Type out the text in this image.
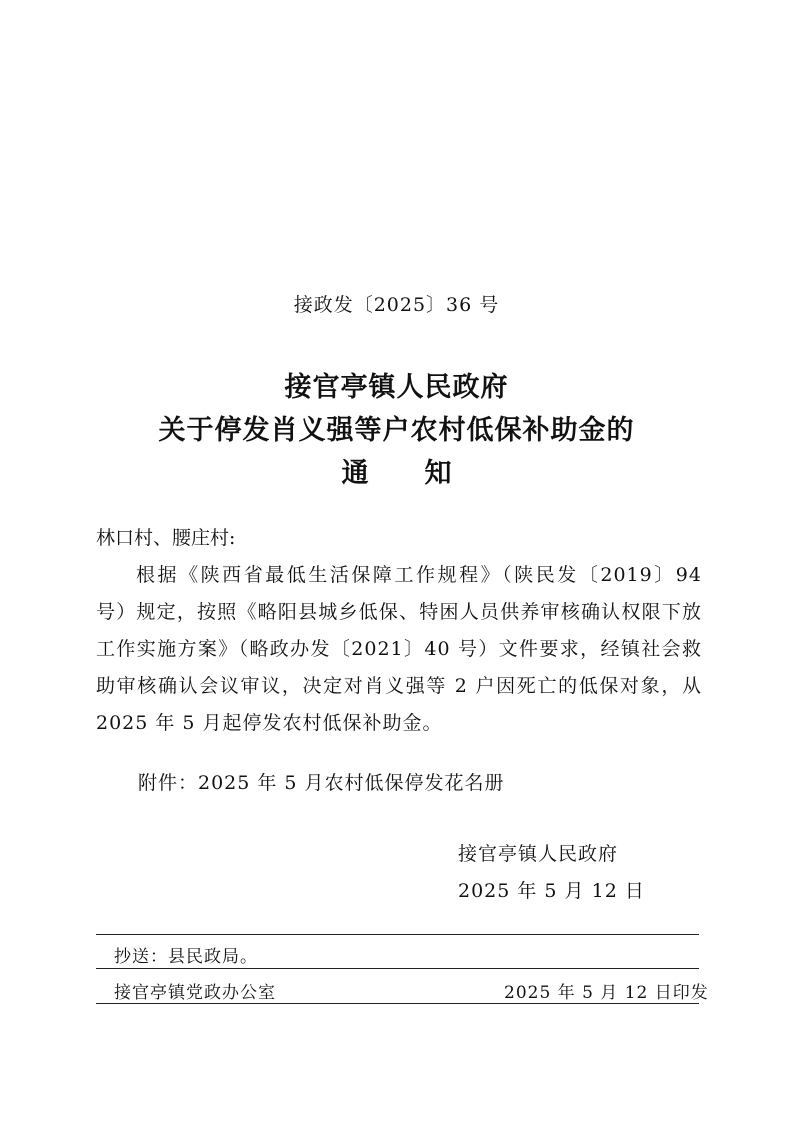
接政发〔2025〕36 号
接官亭镇人民政府
关于停发肖义强等户农村低保补助金的
通知
林口村、腰庄村:
根据《陕西省最低生活保障工作规程》（陕民发〔2019〕94 号）规定，按照《略阳县城乡低保、特困人员供养审核确认权限下放工作实施方案》（略政办发〔2021〕40 号）文件要求，经镇社会救助审核确认会议审议，决定对肖义强等 2 户因死亡的低保对象，从 2025 年 5 月起停发农村低保补助金。
附件：2025 年 5 月农村低保停发花名册
接官亭镇人民政府
2025 年 5 月 12 日
抄送：县民政局。
接官亭镇党政办公室	2025 年 5 月 12 日印发
